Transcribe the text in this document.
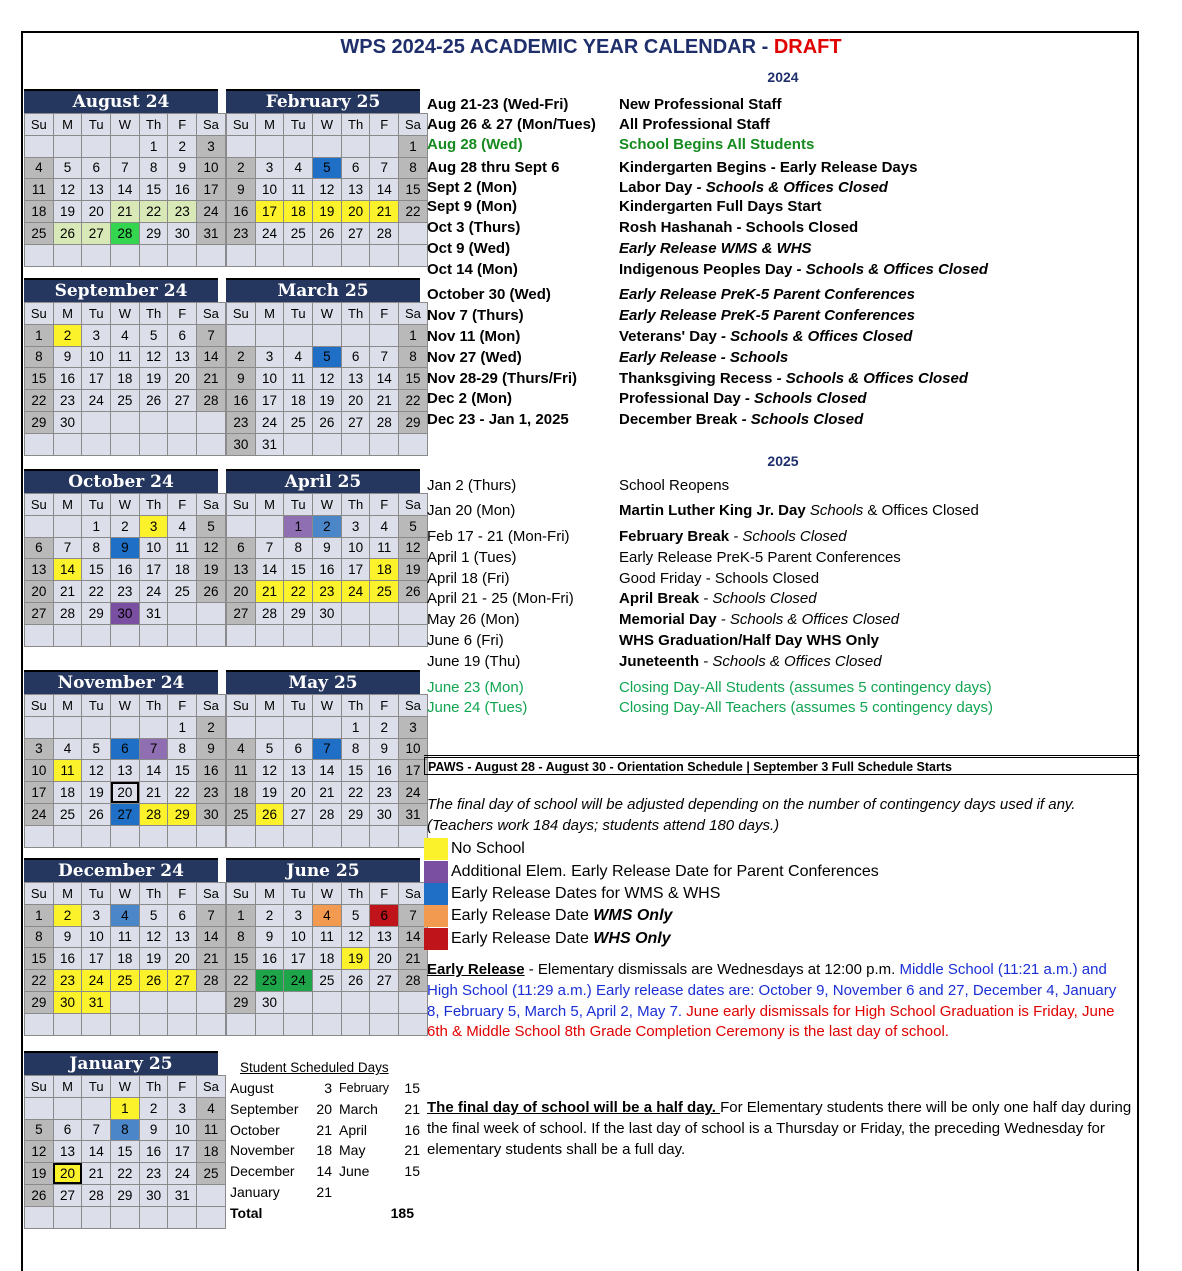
WPS 2024-25 ACADEMIC YEAR CALENDAR - DRAFT
2024
2025
August 24
Su	M	Tu	W	Th	F	Sa
				1	2	3
4	5	6	7	8	9	10
11	12	13	14	15	16	17
18	19	20	21	22	23	24
25	26	27	28	29	30	31

September 24
Su	M	Tu	W	Th	F	Sa
1	2	3	4	5	6	7
8	9	10	11	12	13	14
15	16	17	18	19	20	21
22	23	24	25	26	27	28
29	30					

October 24
Su	M	Tu	W	Th	F	Sa
		1	2	3	4	5
6	7	8	9	10	11	12
13	14	15	16	17	18	19
20	21	22	23	24	25	26
27	28	29	30	31		

November 24
Su	M	Tu	W	Th	F	Sa
					1	2
3	4	5	6	7	8	9
10	11	12	13	14	15	16
17	18	19	20	21	22	23
24	25	26	27	28	29	30

December 24
Su	M	Tu	W	Th	F	Sa
1	2	3	4	5	6	7
8	9	10	11	12	13	14
15	16	17	18	19	20	21
22	23	24	25	26	27	28
29	30	31				

January 25
Su	M	Tu	W	Th	F	Sa
			1	2	3	4
5	6	7	8	9	10	11
12	13	14	15	16	17	18
19	20	21	22	23	24	25
26	27	28	29	30	31	

February 25
Su	M	Tu	W	Th	F	Sa
						1
2	3	4	5	6	7	8
9	10	11	12	13	14	15
16	17	18	19	20	21	22
23	24	25	26	27	28	

March 25
Su	M	Tu	W	Th	F	Sa
						1
2	3	4	5	6	7	8
9	10	11	12	13	14	15
16	17	18	19	20	21	22
23	24	25	26	27	28	29
30	31					
April 25
Su	M	Tu	W	Th	F	Sa
		1	2	3	4	5
6	7	8	9	10	11	12
13	14	15	16	17	18	19
20	21	22	23	24	25	26
27	28	29	30			

May 25
Su	M	Tu	W	Th	F	Sa
				1	2	3
4	5	6	7	8	9	10
11	12	13	14	15	16	17
18	19	20	21	22	23	24
25	26	27	28	29	30	31

June 25
Su	M	Tu	W	Th	F	Sa
1	2	3	4	5	6	7
8	9	10	11	12	13	14
15	16	17	18	19	20	21
22	23	24	25	26	27	28
29	30					

Aug 21-23 (Wed-Fri)	New Professional Staff
Aug 26 & 27 (Mon/Tues) All Professional Staff
Aug 28 (Wed)	School Begins All Students
Aug 28 thru Sept 6	Kindergarten Begins - Early Release Days
Sept 2 (Mon)	Labor Day - Schools & Offices Closed
Sept 9 (Mon)	Kindergarten Full Days Start
Oct 3 (Thurs)	Rosh Hashanah - Schools Closed
Oct 9 (Wed)	Early Release WMS & WHS
Oct 14 (Mon)	Indigenous Peoples Day - Schools & Offices Closed
October 30 (Wed)	Early Release PreK-5 Parent Conferences
Nov 7 (Thurs)	Early Release PreK-5 Parent Conferences
Nov 11 (Mon)	Veterans' Day - Schools & Offices Closed
Nov 27 (Wed)	Early Release - Schools
Nov 28-29 (Thurs/Fri)	Thanksgiving Recess - Schools & Offices Closed
Dec 2 (Mon)	Professional Day - Schools Closed
Dec 23 - Jan 1, 2025	December Break - Schools Closed
Jan 2 (Thurs)	School Reopens
Jan 20 (Mon)	Martin Luther King Jr. Day Schools & Offices Closed
Feb 17 - 21 (Mon-Fri)	February Break - Schools Closed
April 1 (Tues)	Early Release PreK-5 Parent Conferences
April 18 (Fri)	Good Friday - Schools Closed
April 21 - 25 (Mon-Fri)	April Break - Schools Closed
May 26 (Mon)	Memorial Day - Schools & Offices Closed
June 6 (Fri)	WHS Graduation/Half Day WHS Only
June 19 (Thu)	Juneteenth - Schools & Offices Closed
June 23 (Mon)	Closing Day-All Students (assumes 5 contingency days)
June 24 (Tues)	Closing Day-All Teachers (assumes 5 contingency days)
PAWS - August 28 - August 30 - Orientation Schedule | September 3 Full Schedule Starts
The final day of school will be adjusted depending on the number of contingency days used if any. (Teachers work 184 days; students attend 180 days.)
No School
Additional Elem. Early Release Date for Parent Conferences
Early Release Dates for WMS & WHS
Early Release Date WMS Only
Early Release Date WHS Only
Early Release - Elementary dismissals are Wednesdays at 12:00 p.m. Middle School (11:21 a.m.) and High School (11:29 a.m.) Early release dates are: October 9, November 6 and 27, December 4, January 8, February 5, March 5, April 2, May 7. June early dismissals for High School Graduation is Friday, June 6th & Middle School 8th Grade Completion Ceremony is the last day of school.
The final day of school will be a half day. For Elementary students there will be only one half day during the final week of school. If the last day of school is a Thursday or Friday, the preceding Wednesday for elementary students shall be a full day.
Student Scheduled Days
August	3 February	15
September	20 March	21
October	21 April	16
November	18 May	21
December	14 June	15
January	21
Total	185
